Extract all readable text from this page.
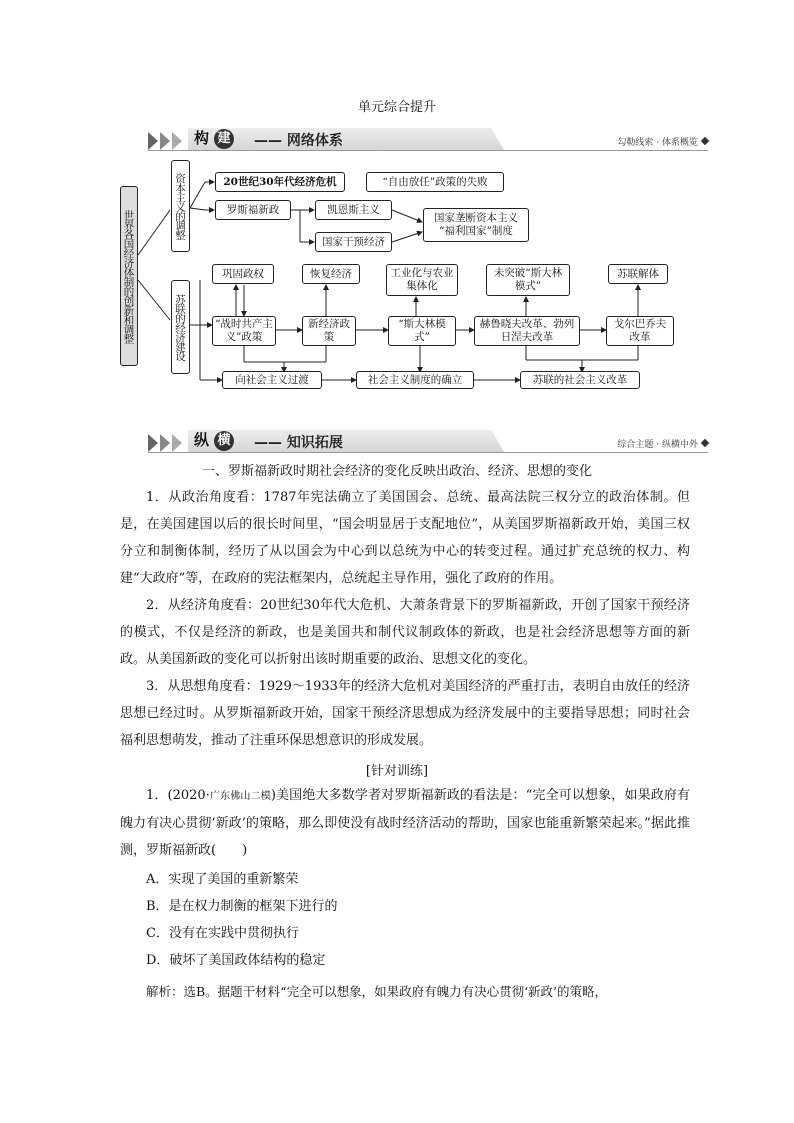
单元综合提升
构 建 —— 网络体系	勾勒线索 · 体系概览
世界各国经济体制的创新和调整
资本主义的调整
苏联的经济建设
20世纪30年代经济危机	“自由放任”政策的失败
罗斯福新政	凯恩斯主义
国家干预经济
国家垄断资本主义 “福利国家”制度
巩固政权	恢复经济	工业化与农业集体化
未突破“斯大林模式”
苏联解体
“战时共产主义”政策
新经济政策
“斯大林模式”
赫鲁晓夫改革、勃列日涅夫改革
戈尔巴乔夫改革
向社会主义过渡	社会主义制度的确立	苏联的社会主义改革
纵 横 —— 知识拓展	综合主题 · 纵横中外
一、罗斯福新政时期社会经济的变化反映出政治、经济、思想的变化
1．从政治角度看：1787年宪法确立了美国国会、总统、最高法院三权分立的政治体制。但是，在美国建国以后的很长时间里，“国会明显居于支配地位”，从美国罗斯福新政开始，美国三权分立和制衡体制，经历了从以国会为中心到以总统为中心的转变过程。通过扩充总统的权力、构建“大政府”等，在政府的宪法框架内，总统起主导作用，强化了政府的作用。
2．从经济角度看：20世纪30年代大危机、大萧条背景下的罗斯福新政，开创了国家干预经济的模式，不仅是经济的新政，也是美国共和制代议制政体的新政，也是社会经济思想等方面的新政。从美国新政的变化可以折射出该时期重要的政治、思想文化的变化。
3．从思想角度看：1929～1933年的经济大危机对美国经济的严重打击，表明自由放任的经济思想已经过时。从罗斯福新政开始，国家干预经济思想成为经济发展中的主要指导思想；同时社会福利思想萌发，推动了注重环保思想意识的形成发展。
[针对训练]
1．(2020·广东佛山二模)美国绝大多数学者对罗斯福新政的看法是：“完全可以想象，如果政府有魄力有决心贯彻‘新政’的策略，那么即使没有战时经济活动的帮助，国家也能重新繁荣起来。”据此推测，罗斯福新政(　　)
A．实现了美国的重新繁荣
B．是在权力制衡的框架下进行的
C．没有在实践中贯彻执行
D．破坏了美国政体结构的稳定
解析：选B。据题干材料“完全可以想象，如果政府有魄力有决心贯彻‘新政’的策略，
